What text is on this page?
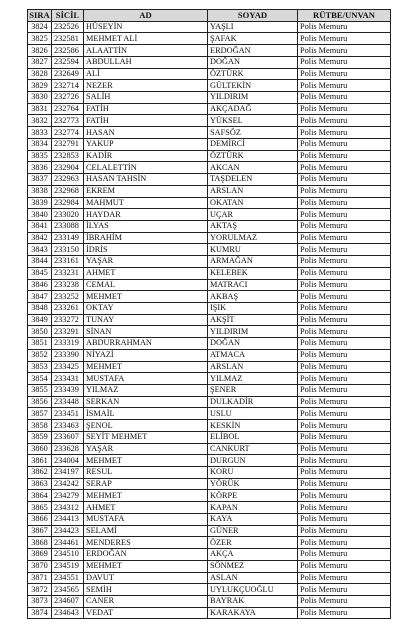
SIRA	SİCİL	AD	SOYAD	RÜTBE/UNVAN
3824	232526	HÜSEYİN	YAŞLI	Polis Memuru
3825	232581	MEHMET ALİ	ŞAFAK	Polis Memuru
3826	232586	ALAATTİN	ERDOĞAN	Polis Memuru
3827	232594	ABDULLAH	DOĞAN	Polis Memuru
3828	232649	ALİ	ÖZTÜRK	Polis Memuru
3829	232714	NEZER	GÜLTEKİN	Polis Memuru
3830	232726	SALİH	YILDIRIM	Polis Memuru
3831	232764	FATİH	AKÇADAĞ	Polis Memuru
3832	232773	FATİH	YÜKSEL	Polis Memuru
3833	232774	HASAN	SAFSÖZ	Polis Memuru
3834	232791	YAKUP	DEMİRCİ	Polis Memuru
3835	232853	KADİR	ÖZTÜRK	Polis Memuru
3836	232904	CELALETTİN	AKCAN	Polis Memuru
3837	232963	HASAN TAHSİN	TAŞDELEN	Polis Memuru
3838	232968	EKREM	ARSLAN	Polis Memuru
3839	232984	MAHMUT	OKATAN	Polis Memuru
3840	233020	HAYDAR	UÇAR	Polis Memuru
3841	233088	İLYAS	AKTAŞ	Polis Memuru
3842	233149	İBRAHİM	YORULMAZ	Polis Memuru
3843	233150	İDRİS	KUMRU	Polis Memuru
3844	233161	YAŞAR	ARMAĞAN	Polis Memuru
3845	233231	AHMET	KELEBEK	Polis Memuru
3846	233238	CEMAL	MATRACI	Polis Memuru
3847	233252	MEHMET	AKBAŞ	Polis Memuru
3848	233261	OKTAY	IŞIK	Polis Memuru
3849	233272	TUNAY	AKŞİT	Polis Memuru
3850	233291	SİNAN	YILDIRIM	Polis Memuru
3851	233319	ABDURRAHMAN	DOĞAN	Polis Memuru
3852	233390	NİYAZİ	ATMACA	Polis Memuru
3853	233425	MEHMET	ARSLAN	Polis Memuru
3854	233431	MUSTAFA	YILMAZ	Polis Memuru
3855	233439	YILMAZ	ŞENER	Polis Memuru
3856	233448	SERKAN	DULKADİR	Polis Memuru
3857	233451	İSMAİL	USLU	Polis Memuru
3858	233463	ŞENOL	KESKİN	Polis Memuru
3859	233607	SEYİT MEHMET	ELİBOL	Polis Memuru
3860	233628	YAŞAR	CANKURT	Polis Memuru
3861	234004	MEHMET	DURGUN	Polis Memuru
3862	234197	RESUL	KORU	Polis Memuru
3863	234242	SERAP	YÖRÜK	Polis Memuru
3864	234279	MEHMET	KÖRPE	Polis Memuru
3865	234312	AHMET	KAPAN	Polis Memuru
3866	234413	MUSTAFA	KAYA	Polis Memuru
3867	234423	SELAMİ	GÜNER	Polis Memuru
3868	234461	MENDERES	ÖZER	Polis Memuru
3869	234510	ERDOĞAN	AKÇA	Polis Memuru
3870	234519	MEHMET	SÖNMEZ	Polis Memuru
3871	234551	DAVUT	ASLAN	Polis Memuru
3872	234565	SEMİH	UYLUKÇUOĞLU	Polis Memuru
3873	234607	CANER	BAYRAK	Polis Memuru
3874	234643	VEDAT	KARAKAYA	Polis Memuru
